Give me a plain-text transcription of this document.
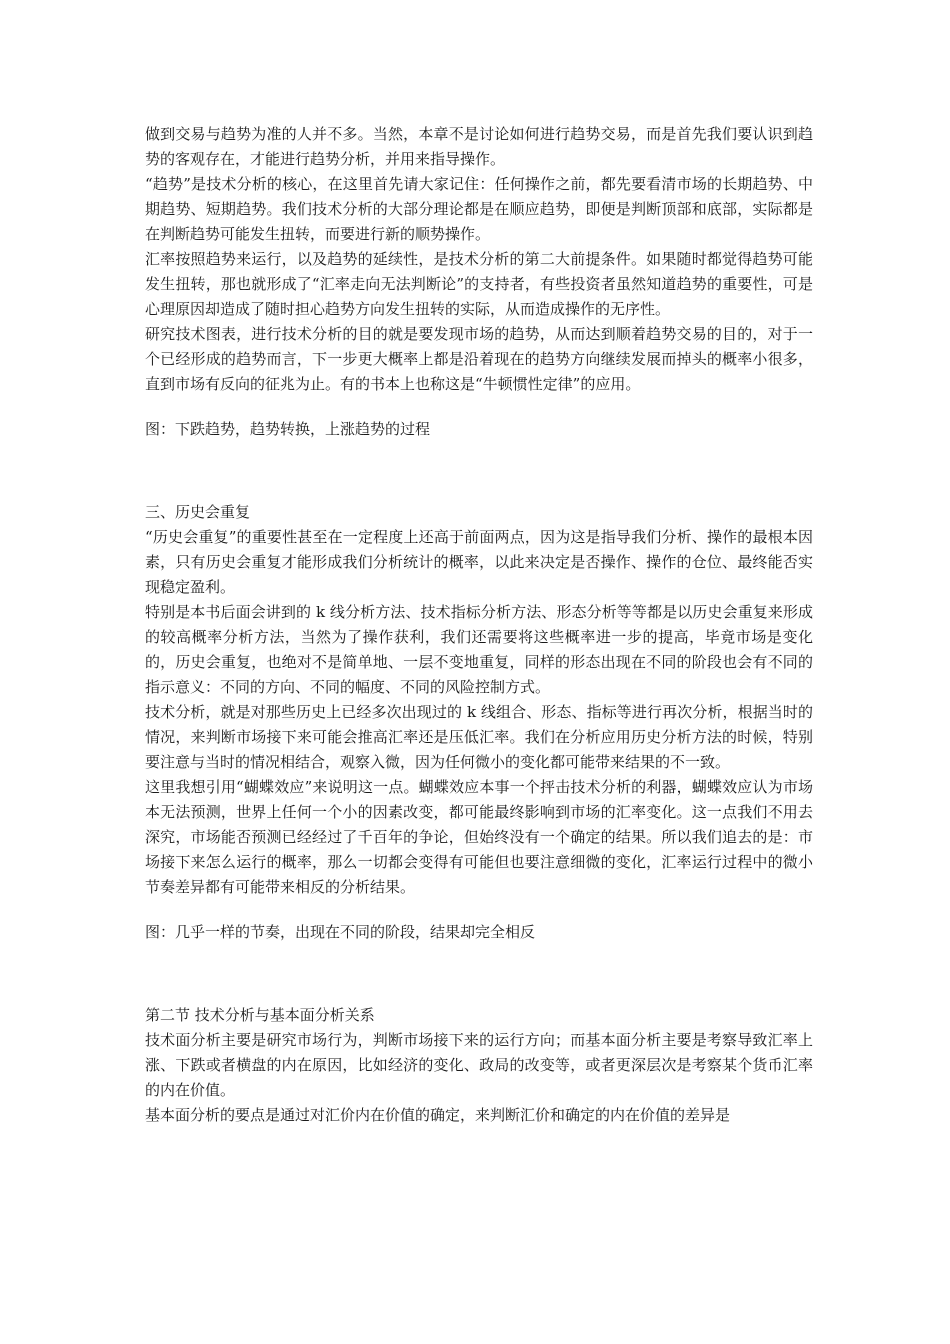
做到交易与趋势为准的人并不多。当然，本章不是讨论如何进行趋势交易，而是首先我们要认识到趋势的客观存在，才能进行趋势分析，并用来指导操作。

“趋势”是技术分析的核心，在这里首先请大家记住：任何操作之前，都先要看清市场的长期趋势、中期趋势、短期趋势。我们技术分析的大部分理论都是在顺应趋势，即便是判断顶部和底部，实际都是在判断趋势可能发生扭转，而要进行新的顺势操作。

汇率按照趋势来运行，以及趋势的延续性，是技术分析的第二大前提条件。如果随时都觉得趋势可能发生扭转，那也就形成了“汇率走向无法判断论”的支持者，有些投资者虽然知道趋势的重要性，可是心理原因却造成了随时担心趋势方向发生扭转的实际，从而造成操作的无序性。

研究技术图表，进行技术分析的目的就是要发现市场的趋势，从而达到顺着趋势交易的目的，对于一个已经形成的趋势而言，下一步更大概率上都是沿着现在的趋势方向继续发展而掉头的概率小很多，直到市场有反向的征兆为止。有的书本上也称这是“牛顿惯性定律”的应用。

图：下跌趋势，趋势转换，上涨趋势的过程

三、历史会重复

“历史会重复”的重要性甚至在一定程度上还高于前面两点，因为这是指导我们分析、操作的最根本因素，只有历史会重复才能形成我们分析统计的概率，以此来决定是否操作、操作的仓位、最终能否实现稳定盈利。

特别是本书后面会讲到的 k 线分析方法、技术指标分析方法、形态分析等等都是以历史会重复来形成的较高概率分析方法，当然为了操作获利，我们还需要将这些概率进一步的提高，毕竟市场是变化的，历史会重复，也绝对不是简单地、一层不变地重复，同样的形态出现在不同的阶段也会有不同的指示意义：不同的方向、不同的幅度、不同的风险控制方式。

技术分析，就是对那些历史上已经多次出现过的 k 线组合、形态、指标等进行再次分析，根据当时的情况，来判断市场接下来可能会推高汇率还是压低汇率。我们在分析应用历史分析方法的时候，特别要注意与当时的情况相结合，观察入微，因为任何微小的变化都可能带来结果的不一致。

这里我想引用“蝴蝶效应”来说明这一点。蝴蝶效应本事一个抨击技术分析的利器，蝴蝶效应认为市场本无法预测，世界上任何一个小的因素改变，都可能最终影响到市场的汇率变化。这一点我们不用去深究，市场能否预测已经经过了千百年的争论，但始终没有一个确定的结果。所以我们追去的是：市场接下来怎么运行的概率，那么一切都会变得有可能但也要注意细微的变化，汇率运行过程中的微小节奏差异都有可能带来相反的分析结果。

图：几乎一样的节奏，出现在不同的阶段，结果却完全相反

第二节 技术分析与基本面分析关系

技术面分析主要是研究市场行为，判断市场接下来的运行方向；而基本面分析主要是考察导致汇率上涨、下跌或者横盘的内在原因，比如经济的变化、政局的改变等，或者更深层次是考察某个货币汇率的内在价值。

基本面分析的要点是通过对汇价内在价值的确定，来判断汇价和确定的内在价值的差异是
